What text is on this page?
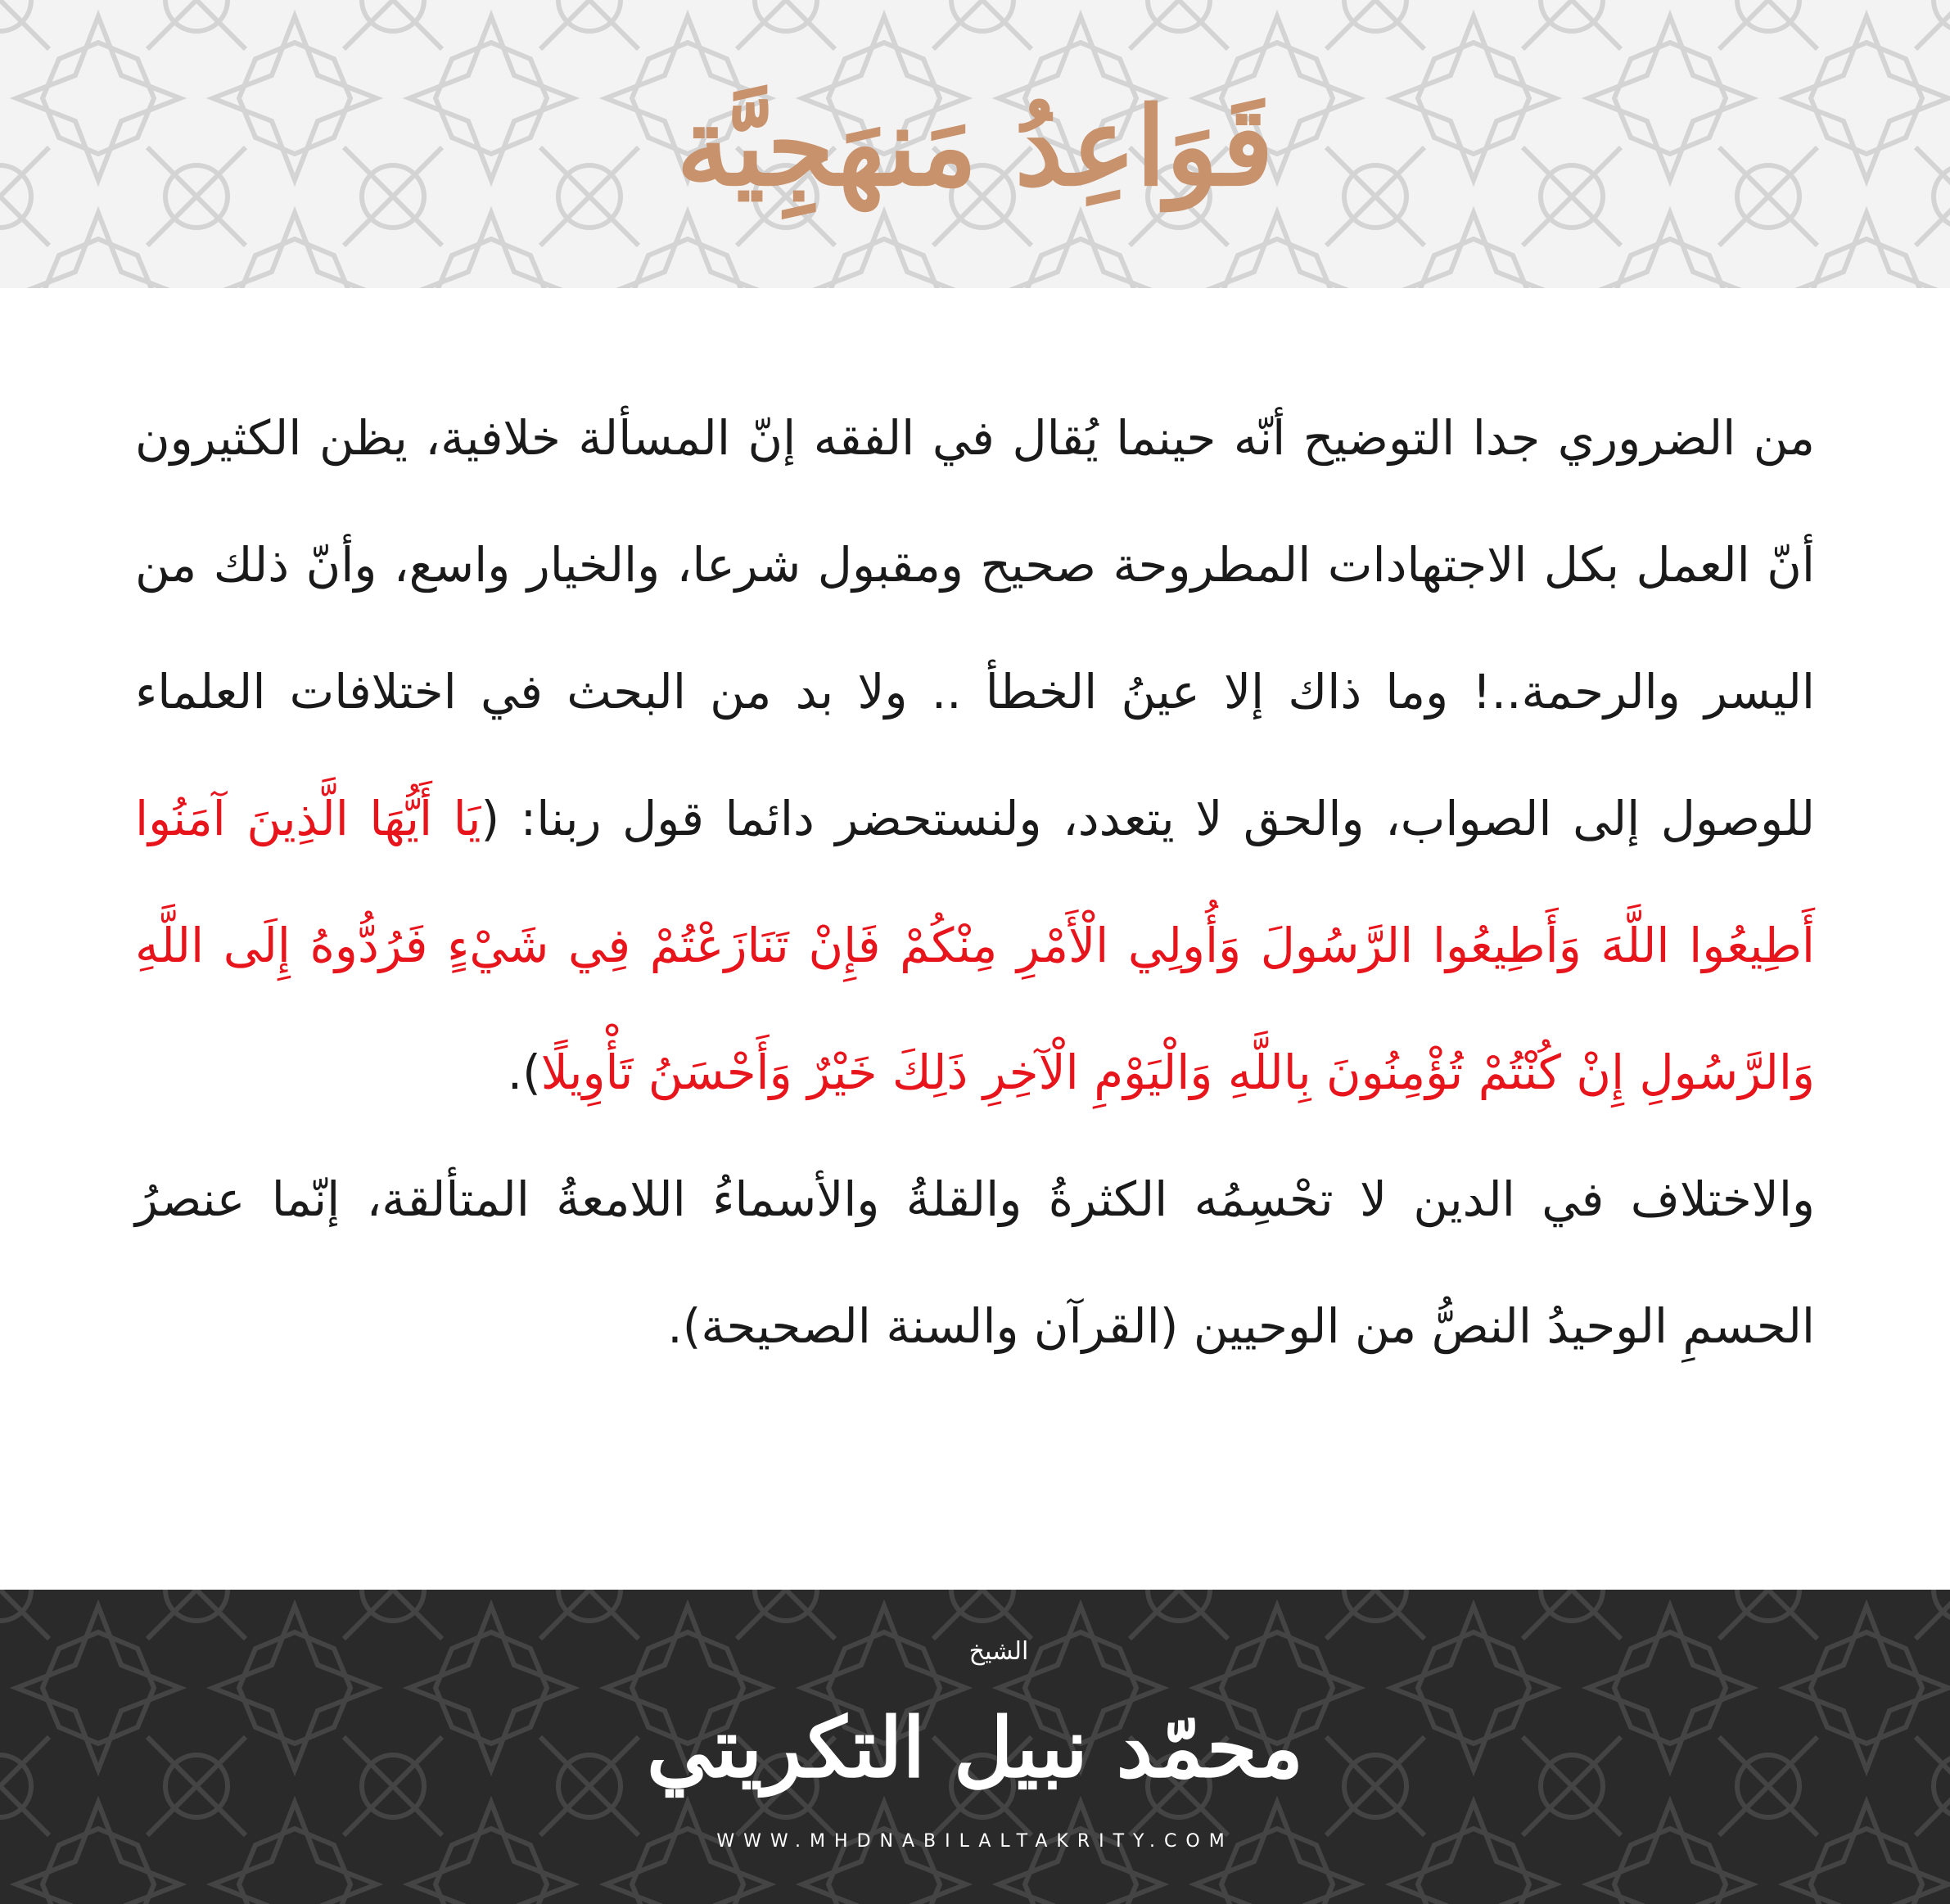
قَوَاعِدُ مَنهَجِيَّة

من الضروري جدا التوضيح أنّه حينما يُقال في الفقه إنّ المسألة خلافية، يظن الكثيرون أنّ العمل بكل الاجتهادات المطروحة صحيح ومقبول شرعا، والخيار واسع، وأنّ ذلك من اليسر والرحمة..! وما ذاك إلا عينُ الخطأ .. ولا بد من البحث في اختلافات العلماء للوصول إلى الصواب، والحق لا يتعدد، ولنستحضر دائما قول ربنا: (يَا أَيُّهَا الَّذِينَ آمَنُوا أَطِيعُوا اللَّهَ وَأَطِيعُوا الرَّسُولَ وَأُولِي الْأَمْرِ مِنْكُمْ فَإِنْ تَنَازَعْتُمْ فِي شَيْءٍ فَرُدُّوهُ إِلَى اللَّهِ وَالرَّسُولِ إِنْ كُنْتُمْ تُؤْمِنُونَ بِاللَّهِ وَالْيَوْمِ الْآخِرِ ذَلِكَ خَيْرٌ وَأَحْسَنُ تَأْوِيلًا).

والاختلاف في الدين لا تحْسِمُه الكثرةُ والقلةُ والأسماءُ اللامعةُ المتألقة، إنّما عنصرُ الحسمِ الوحيدُ النصُّ من الوحيين (القرآن والسنة الصحيحة).

الشيخ
محمّد نبيل التكريتي
WWW.MHDNABILALTAKRITY.COM
